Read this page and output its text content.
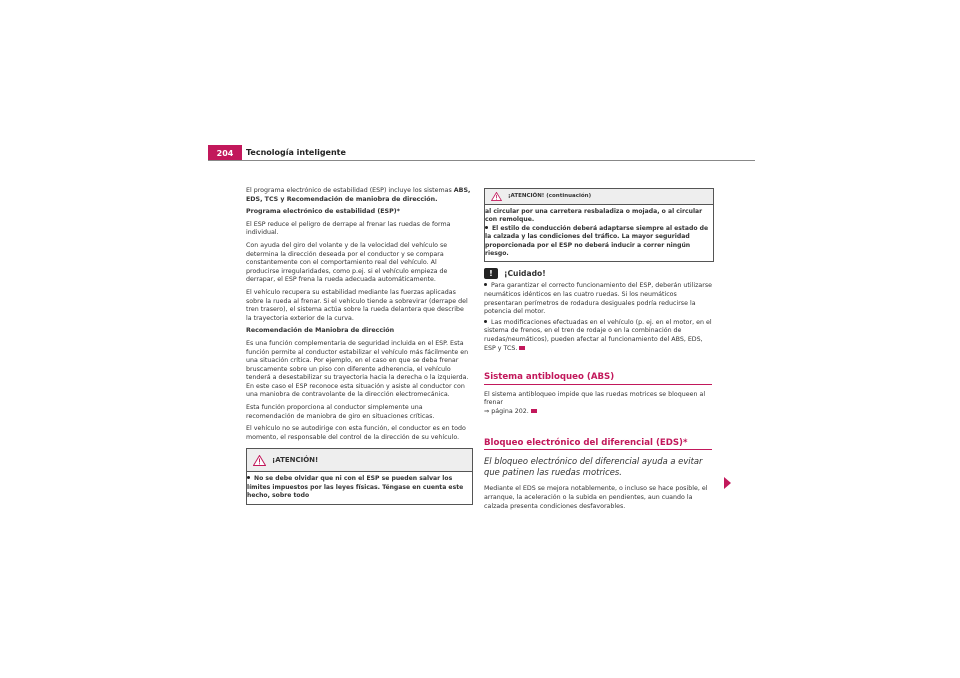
204	Tecnología inteligente

El programa electrónico de estabilidad (ESP) incluye los sistemas ABS, EDS, TCS y Recomendación de maniobra de dirección.

Programa electrónico de estabilidad (ESP)*

El ESP reduce el peligro de derrape al frenar las ruedas de forma individual.

Con ayuda del giro del volante y de la velocidad del vehículo se determina la dirección deseada por el conductor y se compara constantemente con el comportamiento real del vehículo. Al producirse irregularidades, como p.ej. si el vehículo empieza de derrapar, el ESP frena la rueda adecuada automáticamente.

El vehículo recupera su estabilidad mediante las fuerzas aplicadas sobre la rueda al frenar. Si el vehículo tiende a sobrevirar (derrape del tren trasero), el sistema actúa sobre la rueda delantera que describe la trayectoria exterior de la curva.

Recomendación de Maniobra de dirección

Es una función complementaria de seguridad incluida en el ESP. Esta función permite al conductor estabilizar el vehículo más fácilmente en una situación crítica. Por ejemplo, en el caso en que se deba frenar bruscamente sobre un piso con diferente adherencia, el vehículo tenderá a desestabilizar su trayectoria hacia la derecha o la izquierda. En este caso el ESP reconoce esta situación y asiste al conductor con una maniobra de contravolante de la dirección electromecánica.

Esta función proporciona al conductor simplemente una recomendación de maniobra de giro en situaciones críticas.

El vehículo no se autodirige con esta función, el conductor es en todo momento, el responsable del control de la dirección de su vehículo.

¡ATENCIÓN!
No se debe olvidar que ni con el ESP se pueden salvar los límites impuestos por las leyes físicas. Téngase en cuenta este hecho, sobre todo
¡ATENCIÓN! (continuación)
al circular por una carretera resbaladiza o mojada, o al circular con remolque.
El estilo de conducción deberá adaptarse siempre al estado de la calzada y las condiciones del tráfico. La mayor seguridad proporcionada por el ESP no deberá inducir a correr ningún riesgo.
!	¡Cuidado!

Para garantizar el correcto funcionamiento del ESP, deberán utilizarse neumáticos idénticos en las cuatro ruedas. Si los neumáticos presentaran perímetros de rodadura desiguales podría reducirse la potencia del motor.

Las modificaciones efectuadas en el vehículo (p. ej. en el motor, en el sistema de frenos, en el tren de rodaje o en la combinación de ruedas/neumáticos), pueden afectar al funcionamiento del ABS, EDS, ESP y TCS.

Sistema antibloqueo (ABS)

El sistema antibloqueo impide que las ruedas motrices se bloqueen al frenar
⇒ página 202.

Bloqueo electrónico del diferencial (EDS)*
El bloqueo electrónico del diferencial ayuda a evitar que patinen las ruedas motrices.

Mediante el EDS se mejora notablemente, o incluso se hace posible, el arranque, la aceleración o la subida en pendientes, aun cuando la calzada presenta condiciones desfavorables.
